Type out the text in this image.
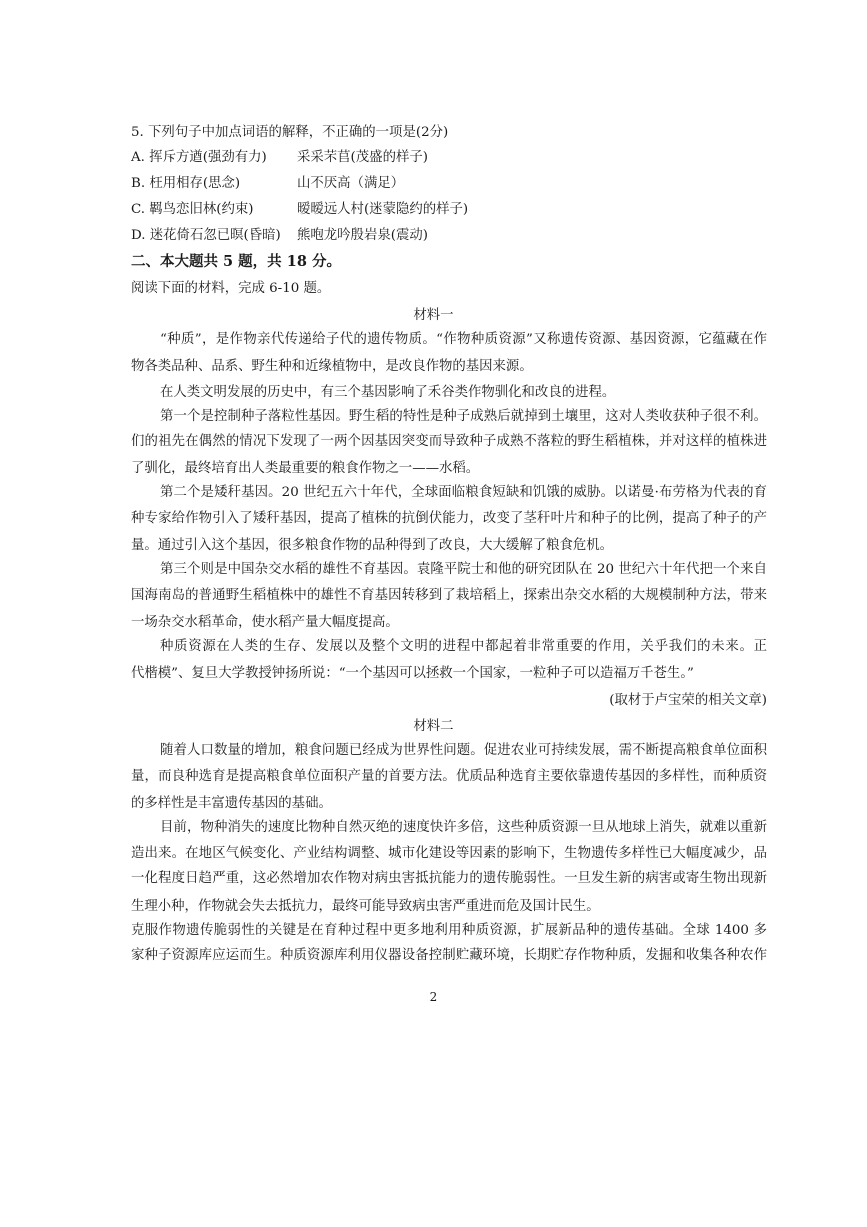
5. 下列句子中加点词语的解释，不正确的一项是(2分)
A. 挥斥方遒(强劲有力) 采采芣苢(茂盛的样子)
B. 枉用相存(思念)	山不厌高（满足）
C. 羁鸟恋旧林(约束)	暧暧远人村(迷蒙隐约的样子)
D. 迷花倚石忽已暝(昏暗) 熊咆龙吟殷岩泉(震动)
二、本大题共 5 题，共 18 分。
阅读下面的材料，完成 6-10 题。
材料一
“种质”，是作物亲代传递给子代的遗传物质。“作物种质资源”又称遗传资源、基因资源，它蕴藏在作
物各类品种、品系、野生种和近缘植物中，是改良作物的基因来源。
在人类文明发展的历史中，有三个基因影响了禾谷类作物驯化和改良的进程。
第一个是控制种子落粒性基因。野生稻的特性是种子成熟后就掉到土壤里，这对人类收获种子很不利。
们的祖先在偶然的情况下发现了一两个因基因突变而导致种子成熟不落粒的野生稻植株，并对这样的植株进
了驯化，最终培育出人类最重要的粮食作物之一——水稻。
第二个是矮秆基因。20 世纪五六十年代，全球面临粮食短缺和饥饿的威胁。以诺曼·布劳格为代表的育
种专家给作物引入了矮秆基因，提高了植株的抗倒伏能力，改变了茎秆叶片和种子的比例，提高了种子的产
量。通过引入这个基因，很多粮食作物的品种得到了改良，大大缓解了粮食危机。
第三个则是中国杂交水稻的雄性不育基因。袁隆平院士和他的研究团队在 20 世纪六十年代把一个来自
国海南岛的普通野生稻植株中的雄性不育基因转移到了栽培稻上，探索出杂交水稻的大规模制种方法，带来
一场杂交水稻革命，使水稻产量大幅度提高。
种质资源在人类的生存、发展以及整个文明的进程中都起着非常重要的作用，关乎我们的未来。正
代楷模”、复旦大学教授钟扬所说：“一个基因可以拯救一个国家，一粒种子可以造福万千苍生。”
(取材于卢宝荣的相关文章)
材料二
随着人口数量的增加，粮食问题已经成为世界性问题。促进农业可持续发展，需不断提高粮食单位面积
量，而良种选育是提高粮食单位面积产量的首要方法。优质品种选育主要依靠遗传基因的多样性，而种质资
的多样性是丰富遗传基因的基础。
目前，物种消失的速度比物种自然灭绝的速度快许多倍，这些种质资源一旦从地球上消失，就难以重新
造出来。在地区气候变化、产业结构调整、城市化建设等因素的影响下，生物遗传多样性已大幅度减少，品
一化程度日趋严重，这必然增加农作物对病虫害抵抗能力的遗传脆弱性。一旦发生新的病害或寄生物出现新
生理小种，作物就会失去抵抗力，最终可能导致病虫害严重进而危及国计民生。
克服作物遗传脆弱性的关键是在育种过程中更多地利用种质资源，扩展新品种的遗传基础。全球 1400 多
家种子资源库应运而生。种质资源库利用仪器设备控制贮藏环境，长期贮存作物种质，发掘和收集各种农作
2
